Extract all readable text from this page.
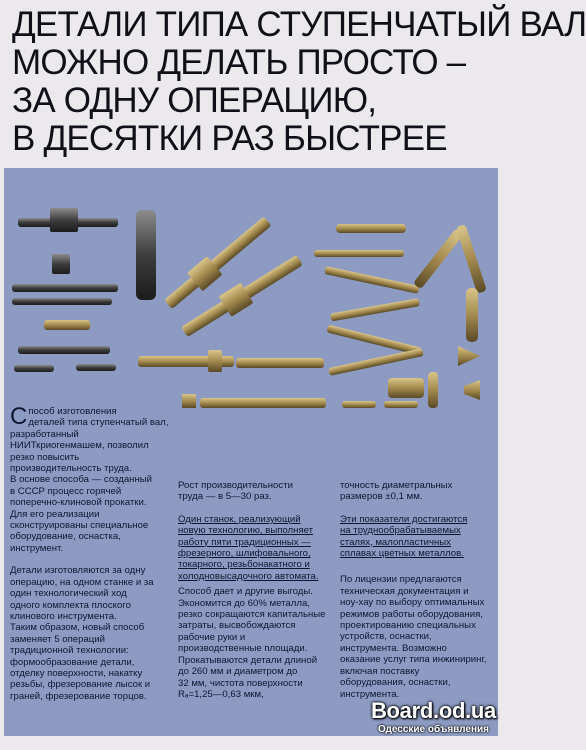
ДЕТАЛИ ТИПА СТУПЕНЧАТЫЙ ВАЛ
МОЖНО ДЕЛАТЬ ПРОСТО –
ЗА ОДНУ ОПЕРАЦИЮ,
В ДЕСЯТКИ РАЗ БЫСТРЕЕ

С пособ изготовления
деталей типа ступенчатый вал,
разработанный
НИИТкриогенмашем, позволил
резко повысить
производительность труда.
В основе способа — созданный
в СССР процесс горячей
поперечно-клиновой прокатки.
Для его реализации
сконструированы специальное
оборудование, оснастка,
инструмент.

Детали изготовляются за одну
операцию, на одном станке и за
один технологический ход
одного комплекта плоского
клинового инструмента.
Таким образом, новый способ
заменяет 5 операций
традиционной технологии:
формообразование детали,
отделку поверхности, накатку
резьбы, фрезерование лысок и
граней, фрезерование торцов.

Рост производительности
труда — в 5—30 раз.

Один станок, реализующий
новую технологию, выполняет
работу пяти традиционных —
фрезерного, шлифовального,
токарного, резьбонакатного и
холодновысадочного автомата.

Способ дает и другие выгоды.
Экономится до 60% металла,
резко сокращаются капитальные
затраты, высвобождаются
рабочие руки и
производственные площади.
Прокатываются детали длиной
до 260 мм и диаметром до
32 мм, чистота поверхности
Rₐ=1,25—0,63 мкм,

точность диаметральных
размеров ±0,1 мм.

Эти показатели достигаются
на труднообрабатываемых
сталях, малопластичных
сплавах цветных металлов.

По лицензии предлагаются
техническая документация и
ноу-хау по выбору оптимальных
режимов работы оборудования,
проектированию специальных
устройств, оснастки,
инструмента. Возможно
оказание услуг типа инжиниринг,
включая поставку
оборудования, оснастки,
инструмента.

Board.od.ua
Одесские объявления
